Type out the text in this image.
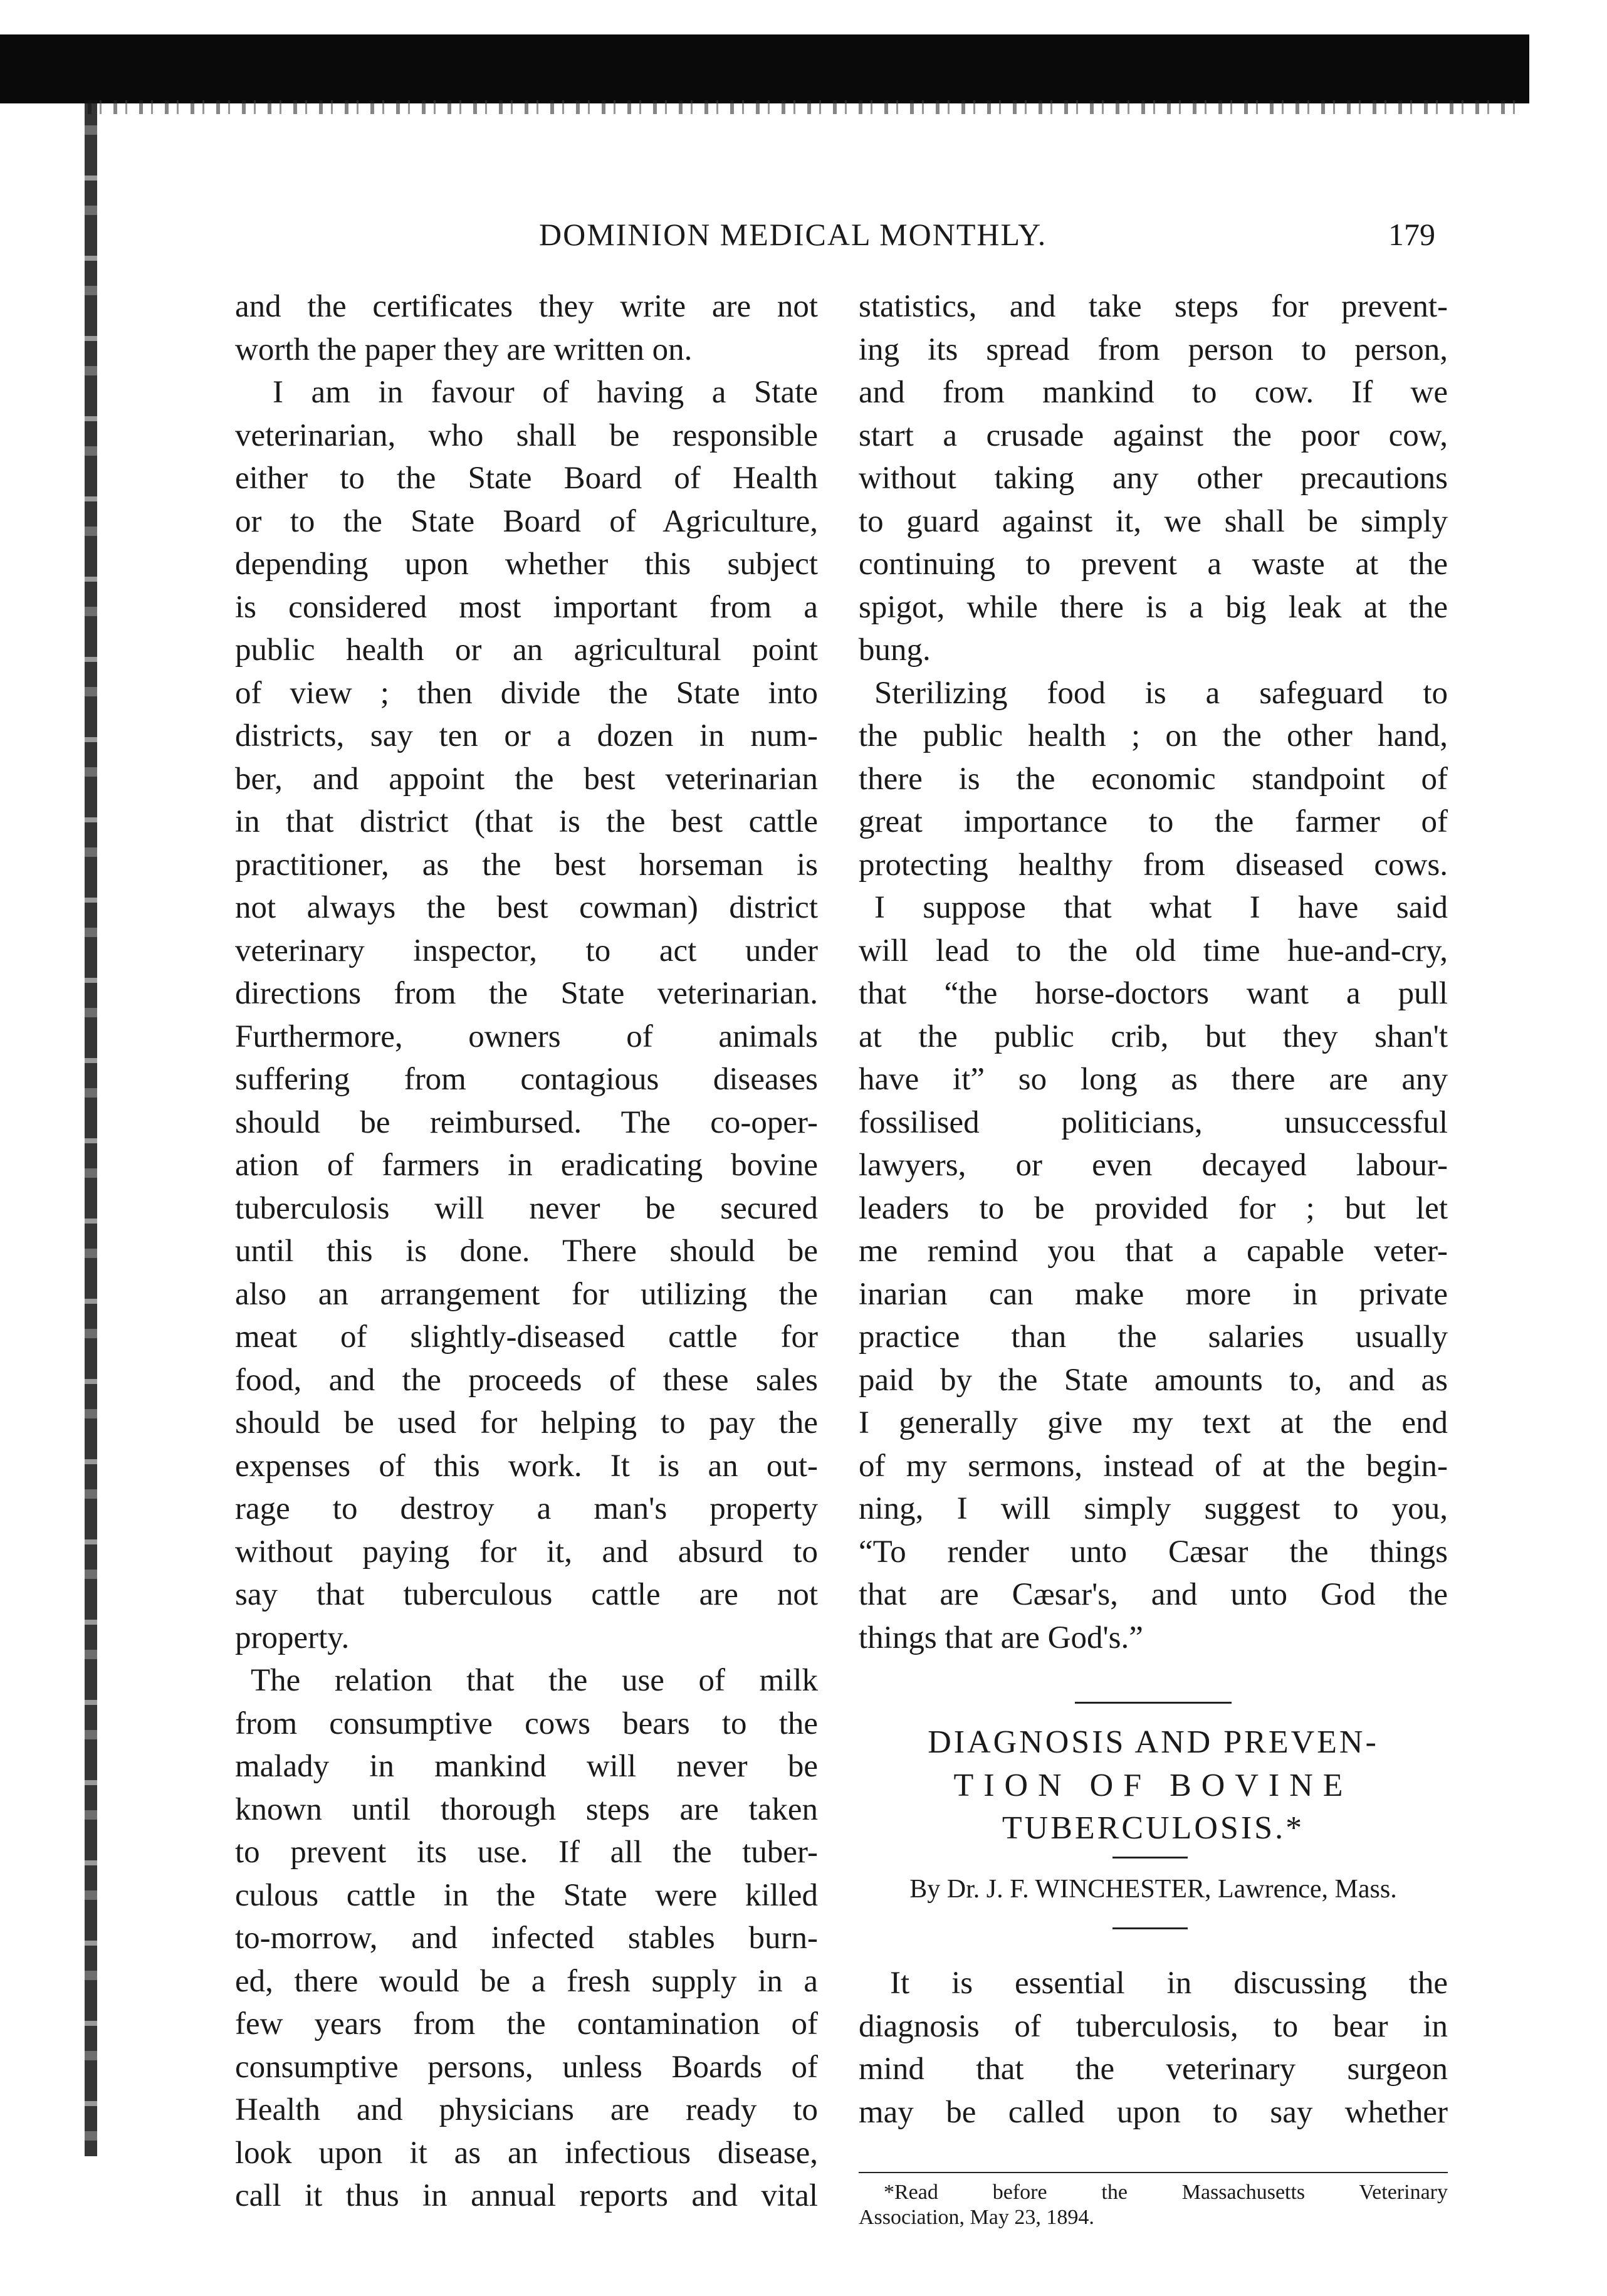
DOMINION MEDICAL MONTHLY.	179
and the certificates they write are not
worth the paper they are written on.
I am in favour of having a State
veterinarian, who shall be responsible
either to the State Board of Health
or to the State Board of Agriculture,
depending upon whether this subject
is considered most important from a
public health or an agricultural point
of view ; then divide the State into
districts, say ten or a dozen in num-
ber, and appoint the best veterinarian
in that district (that is the best cattle
practitioner, as the best horseman is
not always the best cowman) district
veterinary inspector, to act under
directions from the State veterinarian.
Furthermore, owners of animals
suffering from contagious diseases
should be reimbursed. The co-oper-
ation of farmers in eradicating bovine
tuberculosis will never be secured
until this is done. There should be
also an arrangement for utilizing the
meat of slightly-diseased cattle for
food, and the proceeds of these sales
should be used for helping to pay the
expenses of this work. It is an out-
rage to destroy a man's property
without paying for it, and absurd to
say that tuberculous cattle are not
property.
The relation that the use of milk
from consumptive cows bears to the
malady in mankind will never be
known until thorough steps are taken
to prevent its use. If all the tuber-
culous cattle in the State were killed
to-morrow, and infected stables burn-
ed, there would be a fresh supply in a
few years from the contamination of
consumptive persons, unless Boards of
Health and physicians are ready to
look upon it as an infectious disease,
call it thus in annual reports and vital
statistics, and take steps for prevent-
ing its spread from person to person,
and from mankind to cow. If we
start a crusade against the poor cow,
without taking any other precautions
to guard against it, we shall be simply
continuing to prevent a waste at the
spigot, while there is a big leak at the
bung.
Sterilizing food is a safeguard to
the public health ; on the other hand,
there is the economic standpoint of
great importance to the farmer of
protecting healthy from diseased cows.
I suppose that what I have said
will lead to the old time hue-and-cry,
that “the horse-doctors want a pull
at the public crib, but they shan't
have it” so long as there are any
fossilised politicians, unsuccessful
lawyers, or even decayed labour-
leaders to be provided for ; but let
me remind you that a capable veter-
inarian can make more in private
practice than the salaries usually
paid by the State amounts to, and as
I generally give my text at the end
of my sermons, instead of at the begin-
ning, I will simply suggest to you,
“To render unto Cæsar the things
that are Cæsar's, and unto God the
things that are God's.”
DIAGNOSIS AND PREVEN-
TION OF BOVINE
TUBERCULOSIS.*
By Dr. J. F. WINCHESTER, Lawrence, Mass.
It is essential in discussing the
diagnosis of tuberculosis, to bear in
mind that the veterinary surgeon
may be called upon to say whether
*Read before the Massachusetts Veterinary
Association, May 23, 1894.
